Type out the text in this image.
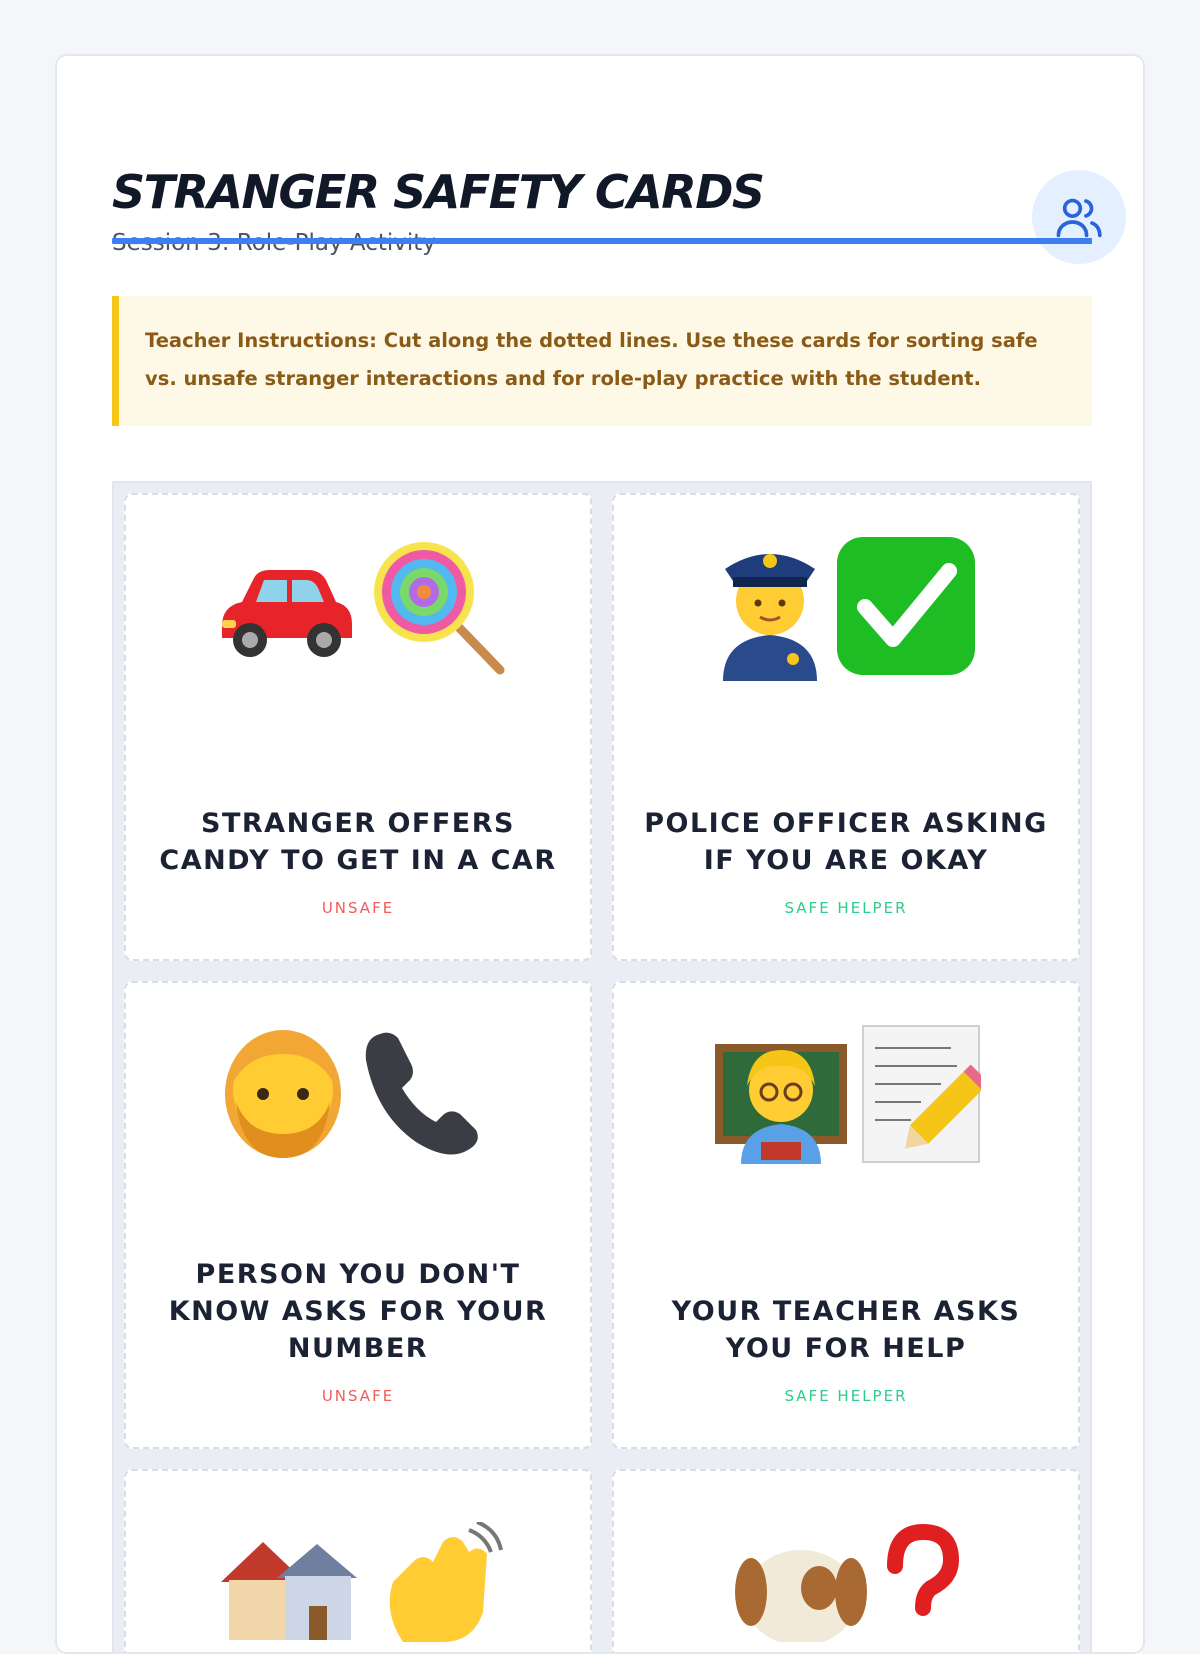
STRANGER SAFETY CARDS

Teacher Instructions: Cut along the dotted lines. Use these cards for sorting safe vs. unsafe stranger interactions and for role-play practice with the student.

STRANGER OFFERS CANDY TO GET IN A CAR

UNSAFE

POLICE OFFICER ASKING IF YOU ARE OKAY

SAFE HELPER

PERSON YOU DON'T KNOW ASKS FOR YOUR NUMBER

UNSAFE

YOUR TEACHER ASKS YOU FOR HELP

SAFE HELPER
